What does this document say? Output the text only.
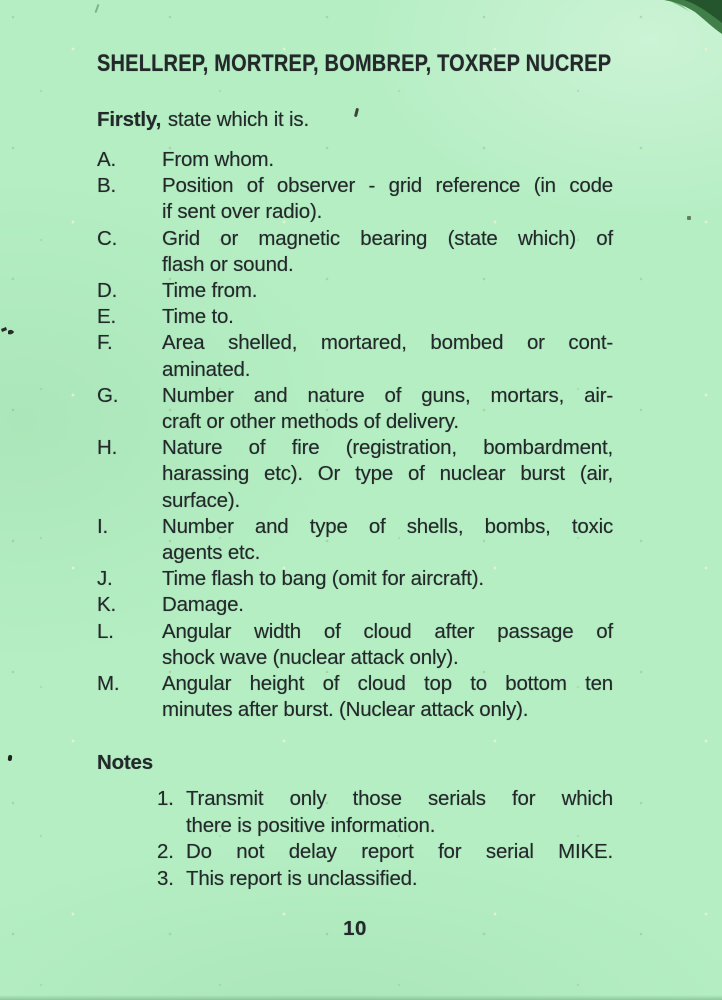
SHELLREP, MORTREP, BOMBREP, TOXREP NUCREP

Firstly, state which it is.

A. From whom.
B. Position of observer - grid reference (in code
if sent over radio).
C. Grid or magnetic bearing (state which) of
flash or sound.
D. Time from.
E. Time to.
F. Area shelled, mortared, bombed or cont-
aminated.
G. Number and nature of guns, mortars, air-
craft or other methods of delivery.
H. Nature of fire (registration, bombardment,
harassing etc). Or type of nuclear burst (air,
surface).
I.	Number and type of shells, bombs, toxic
agents etc.
J. Time flash to bang (omit for aircraft).
K. Damage.
L. Angular width of cloud after passage of
shock wave (nuclear attack only).
M. Angular height of cloud top to bottom ten
minutes after burst. (Nuclear attack only).
Notes
1. Transmit only those serials for which
there is positive information.
2. Do not delay report for serial MIKE.
3. This report is unclassified.
10
